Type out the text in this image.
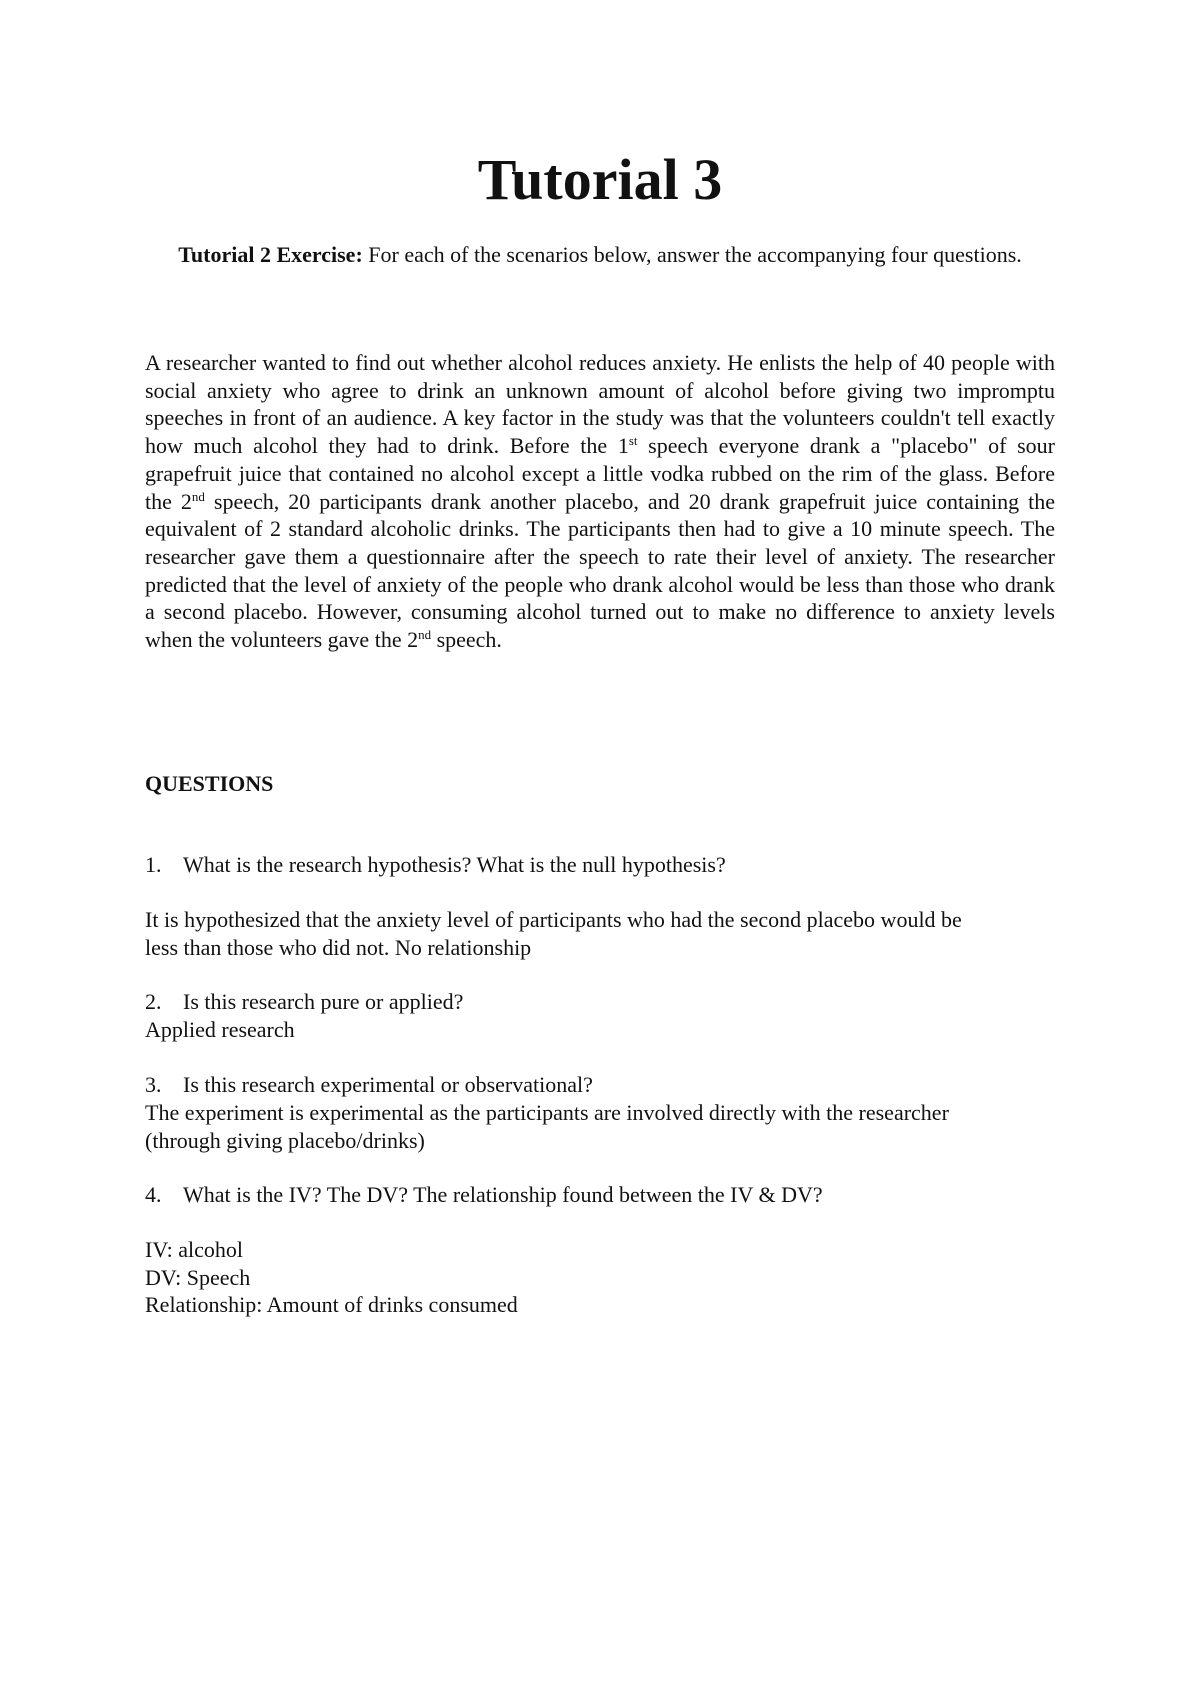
Tutorial 3

Tutorial 2 Exercise: For each of the scenarios below, answer the accompanying four questions.

A researcher wanted to find out whether alcohol reduces anxiety. He enlists the help of 40 people with social anxiety who agree to drink an unknown amount of alcohol before giving two impromptu speeches in front of an audience. A key factor in the study was that the volunteers couldn't tell exactly how much alcohol they had to drink. Before the 1st speech everyone drank a "placebo" of sour grapefruit juice that contained no alcohol except a little vodka rubbed on the rim of the glass. Before the 2nd speech, 20 participants drank another placebo, and 20 drank grapefruit juice containing the equivalent of 2 standard alcoholic drinks. The participants then had to give a 10 minute speech. The researcher gave them a questionnaire after the speech to rate their level of anxiety. The researcher predicted that the level of anxiety of the people who drank alcohol would be less than those who drank a second placebo. However, consuming alcohol turned out to make no difference to anxiety levels when the volunteers gave the 2nd speech.

QUESTIONS

1. What is the research hypothesis? What is the null hypothesis?

It is hypothesized that the anxiety level of participants who had the second placebo would be
less than those who did not. No relationship

2. Is this research pure or applied?

Applied research

3. Is this research experimental or observational?

The experiment is experimental as the participants are involved directly with the researcher
(through giving placebo/drinks)

4. What is the IV? The DV? The relationship found between the IV & DV?

IV: alcohol
DV: Speech
Relationship: Amount of drinks consumed
